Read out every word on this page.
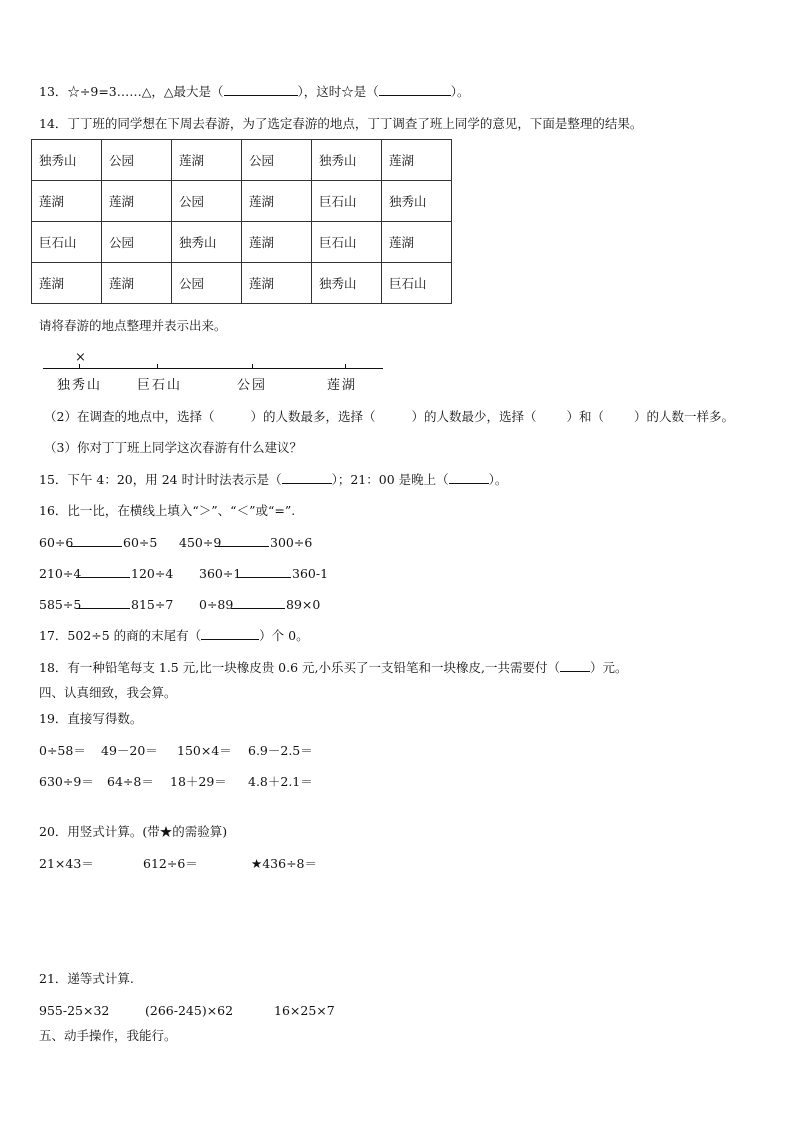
13．☆÷9=3……△，△最大是（	），这时☆是（	）。
14．丁丁班的同学想在下周去春游，为了选定春游的地点，丁丁调查了班上同学的意见，下面是整理的结果。
独秀山	公园	莲湖	公园	独秀山	莲湖
莲湖	莲湖	公园	莲湖	巨石山	独秀山
巨石山	公园	独秀山	莲湖	巨石山	莲湖
莲湖	莲湖	公园	莲湖	独秀山	巨石山
请将春游的地点整理并表示出来。
×
独秀山	巨石山	公园	莲湖
（2）在调查的地点中，选择（	）的人数最多，选择（	）的人数最少，选择（ ）和（ ）的人数一样多。
（3）你对丁丁班上同学这次春游有什么建议？
15．下午 4：20，用 24 时计时法表示是（	）；21：00 是晚上（	）。
16．比一比，在横线上填入“＞”、“＜”或“=”.
60÷6	60÷5 450÷9	300÷6
210÷4	120÷4 360÷1	360-1
585÷5	815÷7 0÷89	89×0
17．502÷5 的商的末尾有（	）个 0。
18．有一种铅笔每支 1.5 元,比一块橡皮贵 0.6 元,小乐买了一支铅笔和一块橡皮,一共需要付（ ）元。
四、认真细致，我会算。
19．直接写得数。
0÷58＝ 49－20＝ 150×4＝ 6.9－2.5＝
630÷9＝ 64÷8＝ 18＋29＝ 4.8＋2.1＝
20．用竖式计算。(带★的需验算)
21×43＝	612÷6＝	★436÷8＝
21．递等式计算.
955-25×32	(266-245)×62	16×25×7
五、动手操作，我能行。
